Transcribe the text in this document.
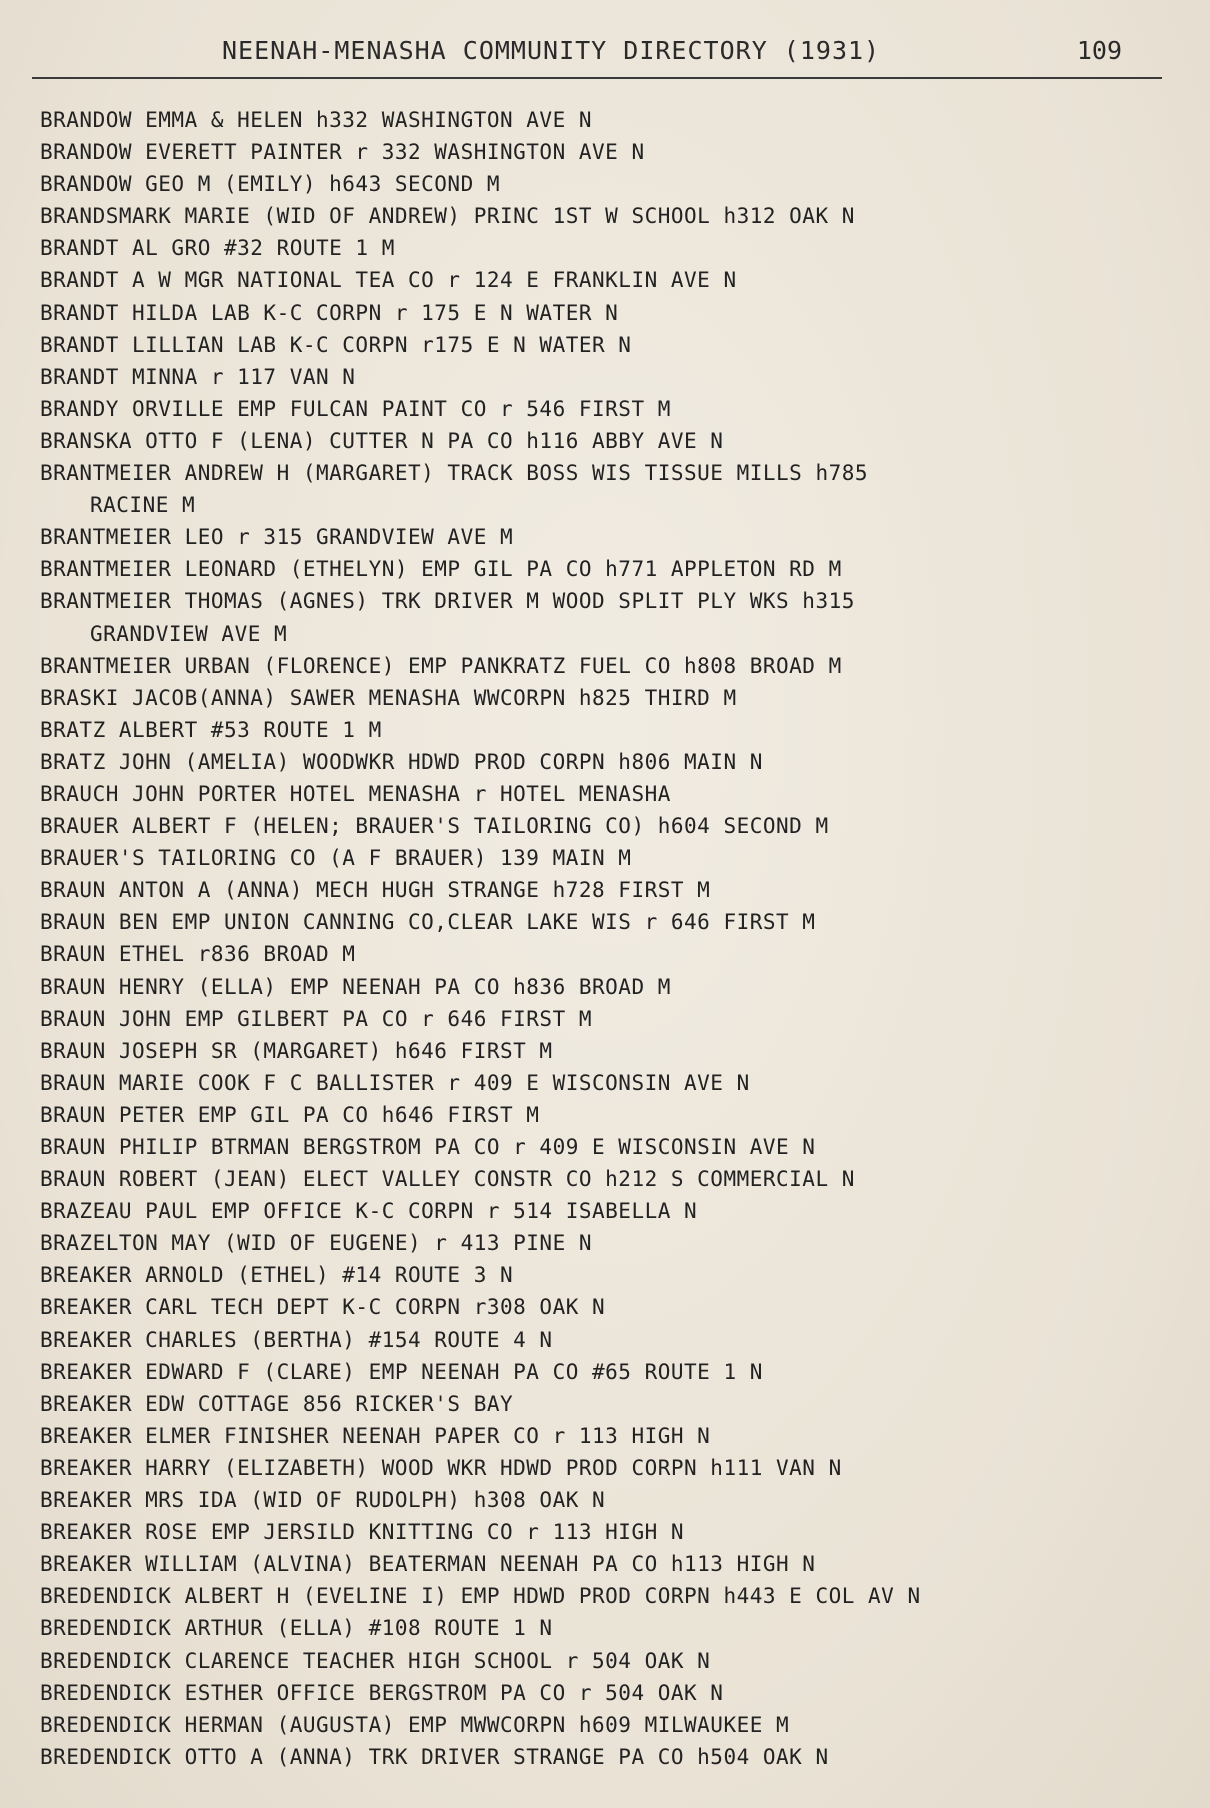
NEENAH-MENASHA COMMUNITY DIRECTORY (1931)	109
BRANDOW EMMA & HELEN h332 WASHINGTON AVE N
BRANDOW EVERETT PAINTER r 332 WASHINGTON AVE N
BRANDOW GEO M (EMILY) h643 SECOND M
BRANDSMARK MARIE (WID OF ANDREW) PRINC 1ST W SCHOOL h312 OAK N
BRANDT AL GRO #32 ROUTE 1 M
BRANDT A W MGR NATIONAL TEA CO r 124 E FRANKLIN AVE N
BRANDT HILDA LAB K-C CORPN r 175 E N WATER N
BRANDT LILLIAN LAB K-C CORPN r175 E N WATER N
BRANDT MINNA r 117 VAN N
BRANDY ORVILLE EMP FULCAN PAINT CO r 546 FIRST M
BRANSKA OTTO F (LENA) CUTTER N PA CO h116 ABBY AVE N
BRANTMEIER ANDREW H (MARGARET) TRACK BOSS WIS TISSUE MILLS h785
RACINE M
BRANTMEIER LEO r 315 GRANDVIEW AVE M
BRANTMEIER LEONARD (ETHELYN) EMP GIL PA CO h771 APPLETON RD M
BRANTMEIER THOMAS (AGNES) TRK DRIVER M WOOD SPLIT PLY WKS h315
GRANDVIEW AVE M
BRANTMEIER URBAN (FLORENCE) EMP PANKRATZ FUEL CO h808 BROAD M
BRASKI JACOB(ANNA) SAWER MENASHA WWCORPN h825 THIRD M
BRATZ ALBERT #53 ROUTE 1 M
BRATZ JOHN (AMELIA) WOODWKR HDWD PROD CORPN h806 MAIN N
BRAUCH JOHN PORTER HOTEL MENASHA r HOTEL MENASHA
BRAUER ALBERT F (HELEN; BRAUER'S TAILORING CO) h604 SECOND M
BRAUER'S TAILORING CO (A F BRAUER) 139 MAIN M
BRAUN ANTON A (ANNA) MECH HUGH STRANGE h728 FIRST M
BRAUN BEN EMP UNION CANNING CO,CLEAR LAKE WIS r 646 FIRST M
BRAUN ETHEL r836 BROAD M
BRAUN HENRY (ELLA) EMP NEENAH PA CO h836 BROAD M
BRAUN JOHN EMP GILBERT PA CO r 646 FIRST M
BRAUN JOSEPH SR (MARGARET) h646 FIRST M
BRAUN MARIE COOK F C BALLISTER r 409 E WISCONSIN AVE N
BRAUN PETER EMP GIL PA CO h646 FIRST M
BRAUN PHILIP BTRMAN BERGSTROM PA CO r 409 E WISCONSIN AVE N
BRAUN ROBERT (JEAN) ELECT VALLEY CONSTR CO h212 S COMMERCIAL N
BRAZEAU PAUL EMP OFFICE K-C CORPN r 514 ISABELLA N
BRAZELTON MAY (WID OF EUGENE) r 413 PINE N
BREAKER ARNOLD (ETHEL) #14 ROUTE 3 N
BREAKER CARL TECH DEPT K-C CORPN r308 OAK N
BREAKER CHARLES (BERTHA) #154 ROUTE 4 N
BREAKER EDWARD F (CLARE) EMP NEENAH PA CO #65 ROUTE 1 N
BREAKER EDW COTTAGE 856 RICKER'S BAY
BREAKER ELMER FINISHER NEENAH PAPER CO r 113 HIGH N
BREAKER HARRY (ELIZABETH) WOOD WKR HDWD PROD CORPN h111 VAN N
BREAKER MRS IDA (WID OF RUDOLPH) h308 OAK N
BREAKER ROSE EMP JERSILD KNITTING CO r 113 HIGH N
BREAKER WILLIAM (ALVINA) BEATERMAN NEENAH PA CO h113 HIGH N
BREDENDICK ALBERT H (EVELINE I) EMP HDWD PROD CORPN h443 E COL AV N
BREDENDICK ARTHUR (ELLA) #108 ROUTE 1 N
BREDENDICK CLARENCE TEACHER HIGH SCHOOL r 504 OAK N
BREDENDICK ESTHER OFFICE BERGSTROM PA CO r 504 OAK N
BREDENDICK HERMAN (AUGUSTA) EMP MWWCORPN h609 MILWAUKEE M
BREDENDICK OTTO A (ANNA) TRK DRIVER STRANGE PA CO h504 OAK N
